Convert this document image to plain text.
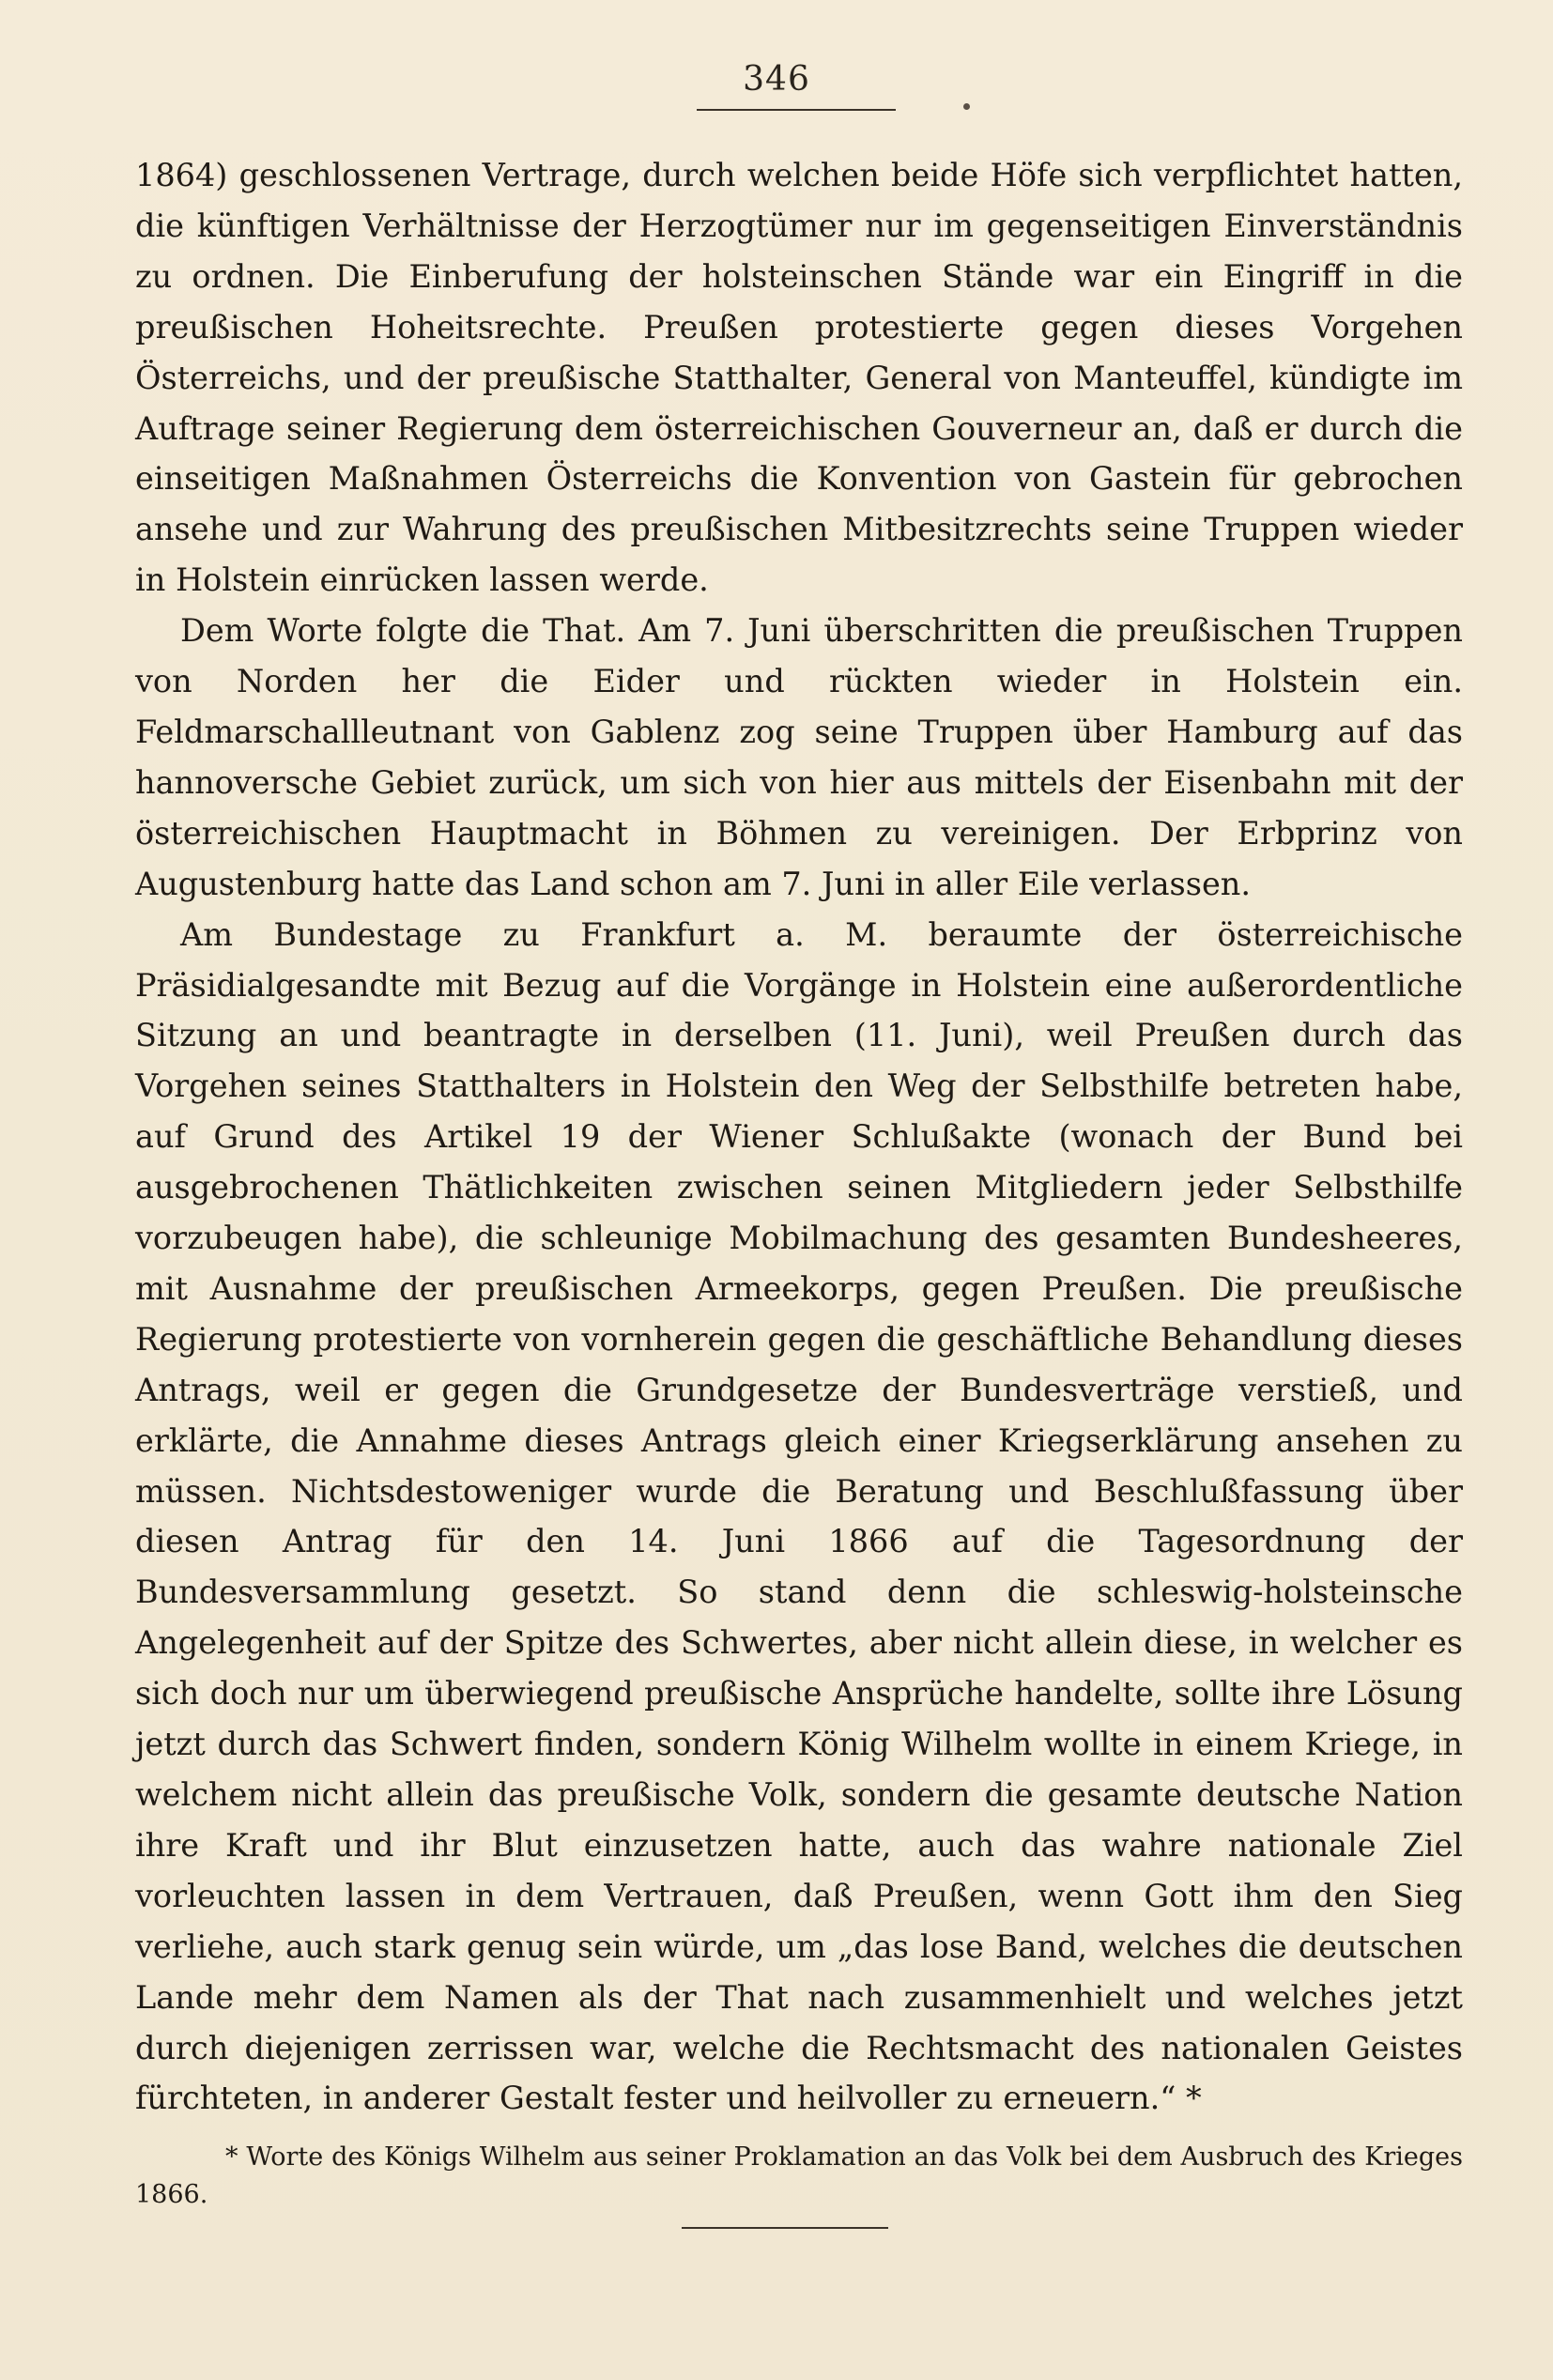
346

1864) geschlossenen Vertrage, durch welchen beide Höfe sich verpflichtet hatten, die künftigen Verhältnisse der Herzogtümer nur im gegenseitigen Einverständnis zu ordnen. Die Einberufung der holsteinschen Stände war ein Eingriff in die preußischen Hoheitsrechte. Preußen protestierte gegen dieses Vorgehen Österreichs, und der preußische Statthalter, General von Manteuffel, kündigte im Auftrage seiner Regierung dem österreichischen Gouverneur an, daß er durch die einseitigen Maßnahmen Österreichs die Konvention von Gastein für gebrochen ansehe und zur Wahrung des preußischen Mitbesitzrechts seine Truppen wieder in Holstein einrücken lassen werde.

Dem Worte folgte die That. Am 7. Juni überschritten die preußischen Truppen von Norden her die Eider und rückten wieder in Holstein ein. Feldmarschallleutnant von Gablenz zog seine Truppen über Hamburg auf das hannoversche Gebiet zurück, um sich von hier aus mittels der Eisenbahn mit der österreichischen Hauptmacht in Böhmen zu vereinigen. Der Erbprinz von Augustenburg hatte das Land schon am 7. Juni in aller Eile verlassen.

Am Bundestage zu Frankfurt a. M. beraumte der österreichische Präsidialgesandte mit Bezug auf die Vorgänge in Holstein eine außerordentliche Sitzung an und beantragte in derselben (11. Juni), weil Preußen durch das Vorgehen seines Statthalters in Holstein den Weg der Selbsthilfe betreten habe, auf Grund des Artikel 19 der Wiener Schlußakte (wonach der Bund bei ausgebrochenen Thätlichkeiten zwischen seinen Mitgliedern jeder Selbsthilfe vorzubeugen habe), die schleunige Mobilmachung des gesamten Bundesheeres, mit Ausnahme der preußischen Armeekorps, gegen Preußen. Die preußische Regierung protestierte von vornherein gegen die geschäftliche Behandlung dieses Antrags, weil er gegen die Grundgesetze der Bundesverträge verstieß, und erklärte, die Annahme dieses Antrags gleich einer Kriegserklärung ansehen zu müssen. Nichtsdestoweniger wurde die Beratung und Beschlußfassung über diesen Antrag für den 14. Juni 1866 auf die Tagesordnung der Bundesversammlung gesetzt. So stand denn die schleswig-holsteinsche Angelegenheit auf der Spitze des Schwertes, aber nicht allein diese, in welcher es sich doch nur um überwiegend preußische Ansprüche handelte, sollte ihre Lösung jetzt durch das Schwert finden, sondern König Wilhelm wollte in einem Kriege, in welchem nicht allein das preußische Volk, sondern die gesamte deutsche Nation ihre Kraft und ihr Blut einzusetzen hatte, auch das wahre nationale Ziel vorleuchten lassen in dem Vertrauen, daß Preußen, wenn Gott ihm den Sieg verliehe, auch stark genug sein würde, um „das lose Band, welches die deutschen Lande mehr dem Namen als der That nach zusammenhielt und welches jetzt durch diejenigen zerrissen war, welche die Rechtsmacht des nationalen Geistes fürchteten, in anderer Gestalt fester und heilvoller zu erneuern.“ *

* Worte des Königs Wilhelm aus seiner Proklamation an das Volk bei dem Ausbruch des Krieges 1866.
